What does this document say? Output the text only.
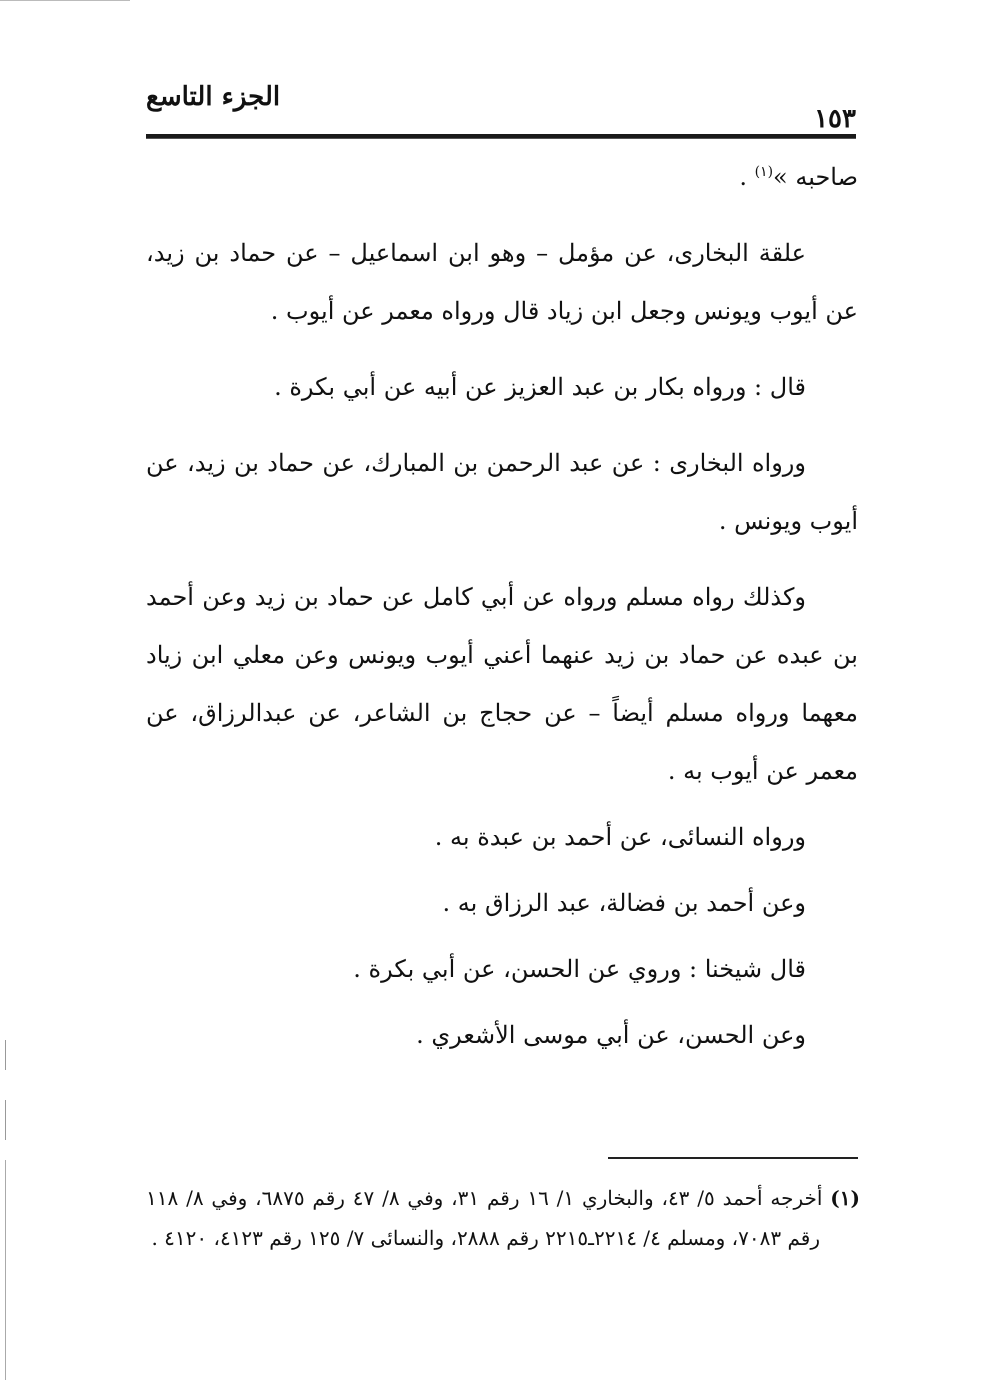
الجزء التاسع
١٥٣

صاحبه »$^{(١)}$ .

علقة البخارى، عن مؤمل – وهو ابن اسماعيل – عن حماد بن زيد، عن أيوب ويونس وجعل ابن زياد قال ورواه معمر عن أيوب .

قال : ورواه بكار بن عبد العزيز عن أبيه عن أبي بكرة .

ورواه البخارى : عن عبد الرحمن بن المبارك، عن حماد بن زيد، عن أيوب ويونس .

وكذلك رواه مسلم ورواه عن أبي كامل عن حماد بن زيد وعن أحمد بن عبده عن حماد بن زيد عنهما أعني أيوب ويونس وعن معلي ابن زياد معهما ورواه مسلم أيضاً – عن حجاج بن الشاعر، عن عبدالرزاق، عن معمر عن أيوب به .

ورواه النسائى، عن أحمد بن عبدة به .

وعن أحمد بن فضالة، عبد الرزاق به .

قال شيخنا : وروي عن الحسن، عن أبي بكرة .

وعن الحسن، عن أبي موسى الأشعري .

(١) أخرجه أحمد ٥/ ٤٣، والبخاري ١/ ١٦ رقم ٣١، وفي ٨/ ٤٧ رقم ٦٨٧٥، وفي ٨/ ١١٨ رقم ٧٠٨٣، ومسلم ٤/ ٢٢١٤ـ٢٢١٥ رقم ٢٨٨٨، والنسائى ٧/ ١٢٥ رقم ٤١٢٣، ٤١٢٠ .
